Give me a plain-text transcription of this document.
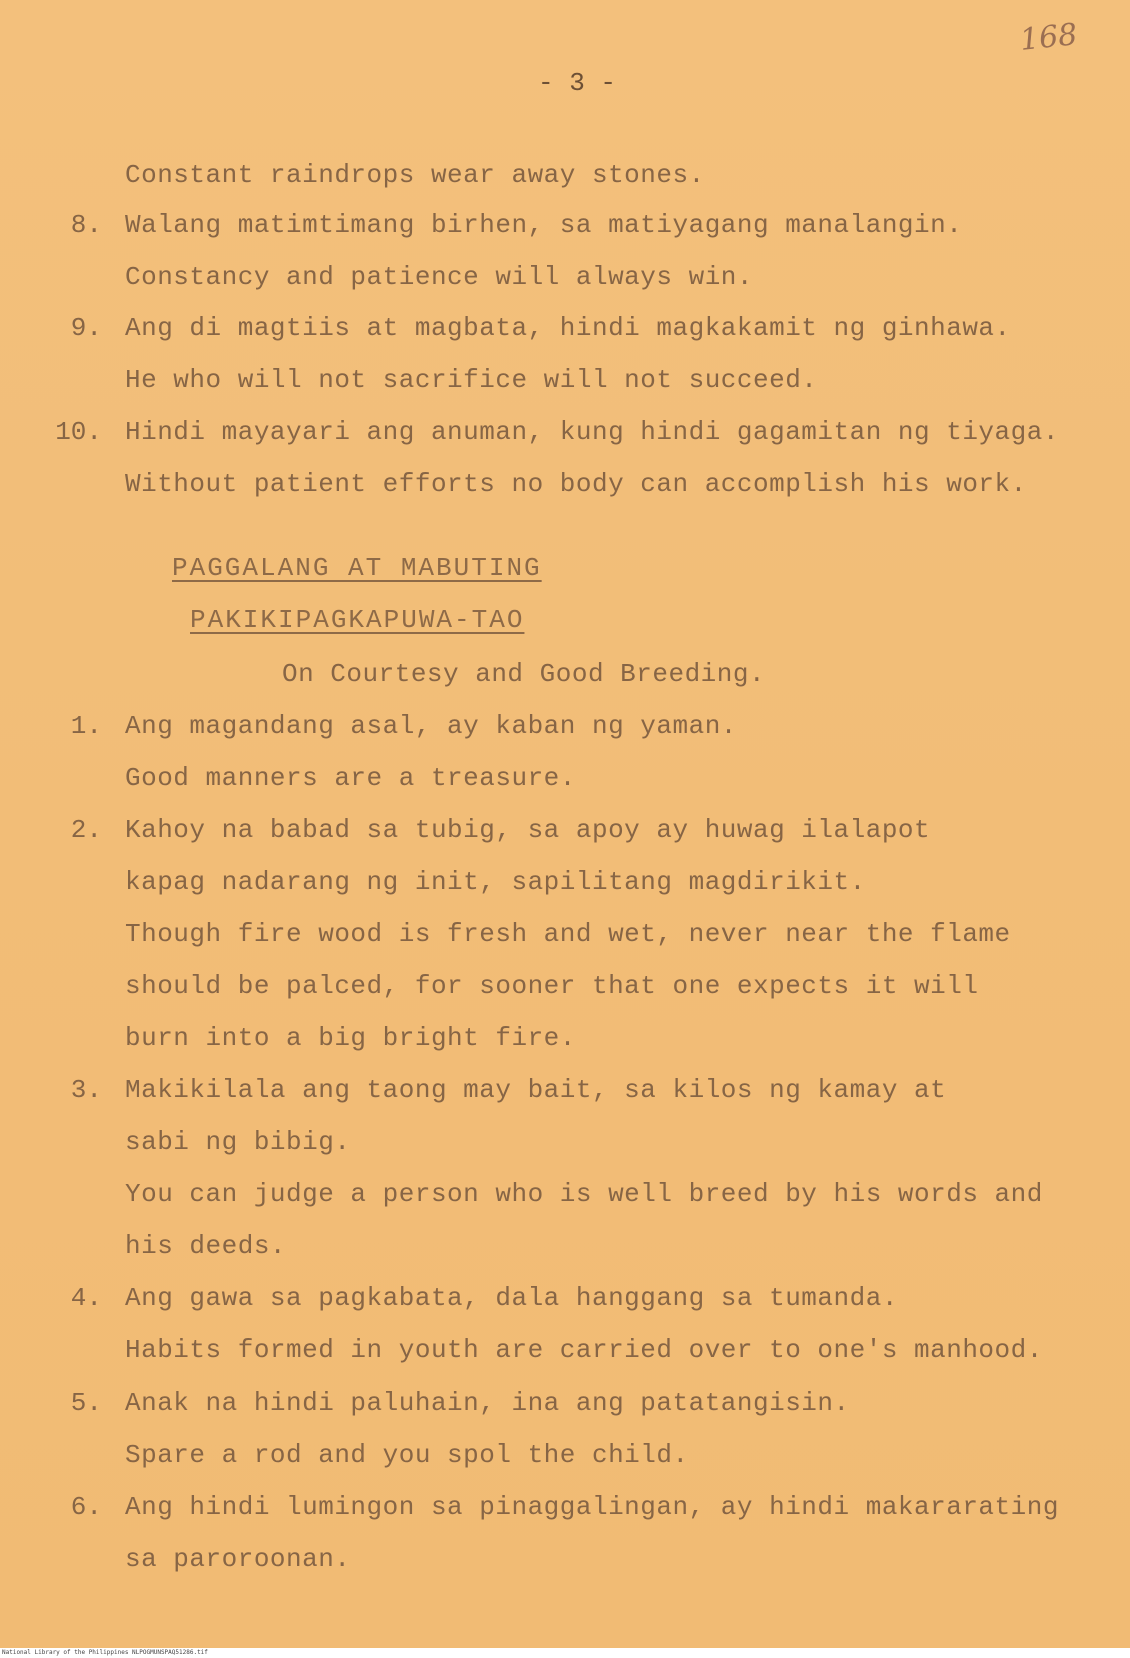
168
- 3 -
Constant raindrops wear away stones.
8. Walang matimtimang birhen, sa matiyagang manalangin.
Constancy and patience will always win.
9. Ang di magtiis at magbata, hindi magkakamit ng ginhawa.
He who will not sacrifice will not succeed.
10. Hindi mayayari ang anuman, kung hindi gagamitan ng tiyaga.
Without patient efforts no body can accomplish his work.
PAGGALANG AT MABUTING
PAKIKIPAGKAPUWA-TAO
On Courtesy and Good Breeding.
1. Ang magandang asal, ay kaban ng yaman.
Good manners are a treasure.
2. Kahoy na babad sa tubig, sa apoy ay huwag ilalapot
kapag nadarang ng init, sapilitang magdirikit.
Though fire wood is fresh and wet, never near the flame
should be palced, for sooner that one expects it will
burn into a big bright fire.
3. Makikilala ang taong may bait, sa kilos ng kamay at
sabi ng bibig.
You can judge a person who is well breed by his words and
his deeds.
4. Ang gawa sa pagkabata, dala hanggang sa tumanda.
Habits formed in youth are carried over to one's manhood.
5. Anak na hindi paluhain, ina ang patatangisin.
Spare a rod and you spol the child.
6. Ang hindi lumingon sa pinaggalingan, ay hindi makararating
sa paroroonan.
National Library of the Philippines NLPOGMUNSPAQ51286.tif
